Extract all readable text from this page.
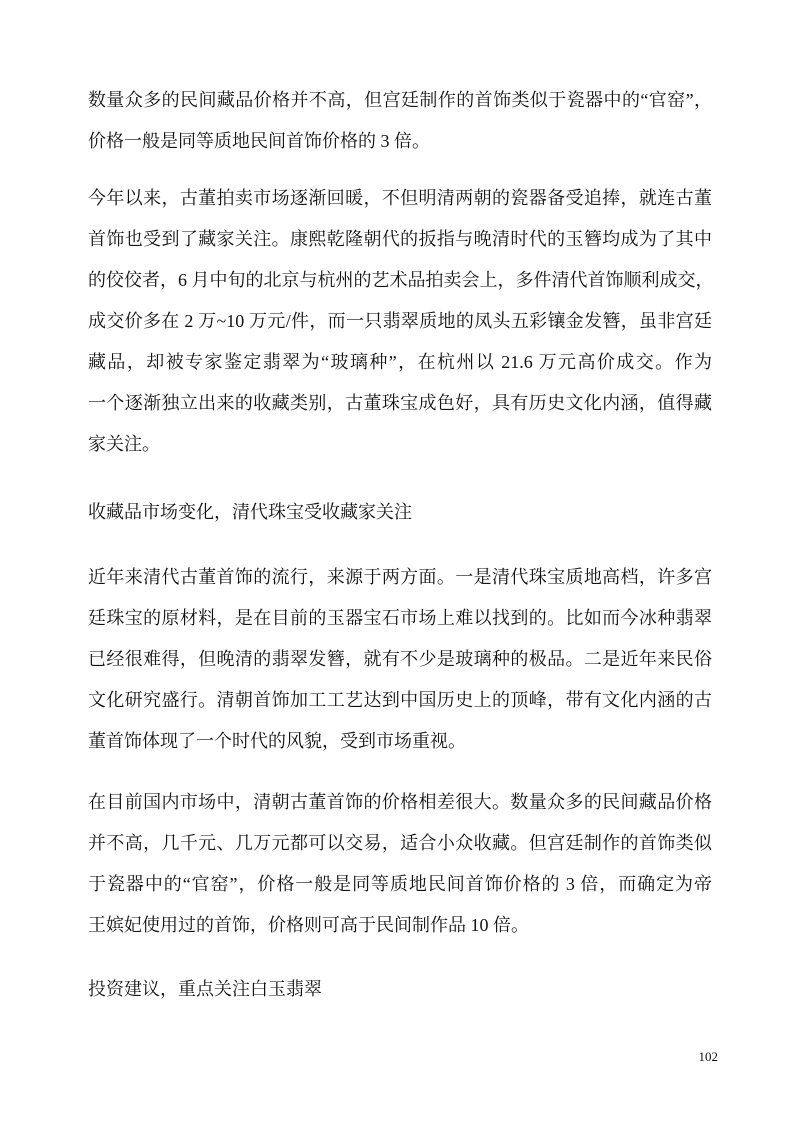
数量众多的民间藏品价格并不高，但宫廷制作的首饰类似于瓷器中的“官窑”，
价格一般是同等质地民间首饰价格的 3 倍。
今年以来，古董拍卖市场逐渐回暖，不但明清两朝的瓷器备受追捧，就连古董
首饰也受到了藏家关注。康熙乾隆朝代的扳指与晚清时代的玉簪均成为了其中
的佼佼者，6 月中旬的北京与杭州的艺术品拍卖会上，多件清代首饰顺利成交，
成交价多在 2 万~10 万元/件，而一只翡翠质地的凤头五彩镶金发簪，虽非宫廷
藏品，却被专家鉴定翡翠为“玻璃种”，在杭州以 21.6 万元高价成交。作为
一个逐渐独立出来的收藏类别，古董珠宝成色好，具有历史文化内涵，值得藏
家关注。
收藏品市场变化，清代珠宝受收藏家关注
近年来清代古董首饰的流行，来源于两方面。一是清代珠宝质地高档，许多宫
廷珠宝的原材料，是在目前的玉器宝石市场上难以找到的。比如而今冰种翡翠
已经很难得，但晚清的翡翠发簪，就有不少是玻璃种的极品。二是近年来民俗
文化研究盛行。清朝首饰加工工艺达到中国历史上的顶峰，带有文化内涵的古
董首饰体现了一个时代的风貌，受到市场重视。
在目前国内市场中，清朝古董首饰的价格相差很大。数量众多的民间藏品价格
并不高，几千元、几万元都可以交易，适合小众收藏。但宫廷制作的首饰类似
于瓷器中的“官窑”，价格一般是同等质地民间首饰价格的 3 倍，而确定为帝
王嫔妃使用过的首饰，价格则可高于民间制作品 10 倍。
投资建议，重点关注白玉翡翠
102
